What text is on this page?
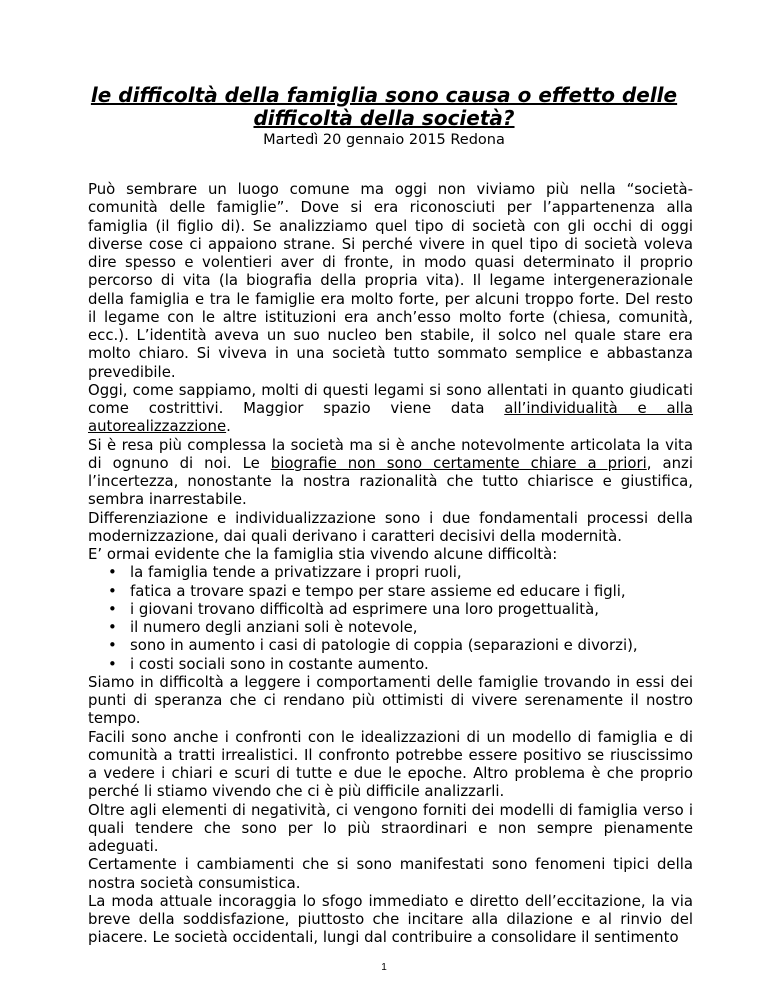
le difficoltà della famiglia sono causa o effetto delle difficoltà della società?
Martedì 20 gennaio 2015 Redona

Può sembrare un luogo comune ma oggi non viviamo più nella “società-comunità delle famiglie”. Dove si era riconosciuti per l’appartenenza alla famiglia (il figlio di). Se analizziamo quel tipo di società con gli occhi di oggi diverse cose ci appaiono strane. Si perché vivere in quel tipo di società voleva dire spesso e volentieri aver di fronte, in modo quasi determinato il proprio percorso di vita (la biografia della propria vita). Il legame intergenerazionale della famiglia e tra le famiglie era molto forte, per alcuni troppo forte. Del resto il legame con le altre istituzioni era anch’esso molto forte (chiesa, comunità, ecc.). L’identità aveva un suo nucleo ben stabile, il solco nel quale stare era molto chiaro. Si viveva in una società tutto sommato semplice e abbastanza prevedibile.

Oggi, come sappiamo, molti di questi legami si sono allentati in quanto giudicati come costrittivi. Maggior spazio viene data all’individualità e alla autorealizzazzione.

Si è resa più complessa la società ma si è anche notevolmente articolata la vita di ognuno di noi. Le biografie non sono certamente chiare a priori, anzi l’incertezza, nonostante la nostra razionalità che tutto chiarisce e giustifica, sembra inarrestabile.

Differenziazione e individualizzazione sono i due fondamentali processi della modernizzazione, dai quali derivano i caratteri decisivi della modernità.

E’ ormai evidente che la famiglia stia vivendo alcune difficoltà:

• la famiglia tende a privatizzare i propri ruoli,
• fatica a trovare spazi e tempo per stare assieme ed educare i figli,
• i giovani trovano difficoltà ad esprimere una loro progettualità,
• il numero degli anziani soli è notevole,
• sono in aumento i casi di patologie di coppia (separazioni e divorzi),
• i costi sociali sono in costante aumento.

Siamo in difficoltà a leggere i comportamenti delle famiglie trovando in essi dei punti di speranza che ci rendano più ottimisti di vivere serenamente il nostro tempo.

Facili sono anche i confronti con le idealizzazioni di un modello di famiglia e di comunità a tratti irrealistici. Il confronto potrebbe essere positivo se riuscissimo a vedere i chiari e scuri di tutte e due le epoche. Altro problema è che proprio perché li stiamo vivendo che ci è più difficile analizzarli.

Oltre agli elementi di negatività, ci vengono forniti dei modelli di famiglia verso i quali tendere che sono per lo più straordinari e non sempre pienamente adeguati.

Certamente i cambiamenti che si sono manifestati sono fenomeni tipici della nostra società consumistica.

La moda attuale incoraggia lo sfogo immediato e diretto dell’eccitazione, la via breve della soddisfazione, piuttosto che incitare alla dilazione e al rinvio del piacere. Le società occidentali, lungi dal contribuire a consolidare il sentimento

1
